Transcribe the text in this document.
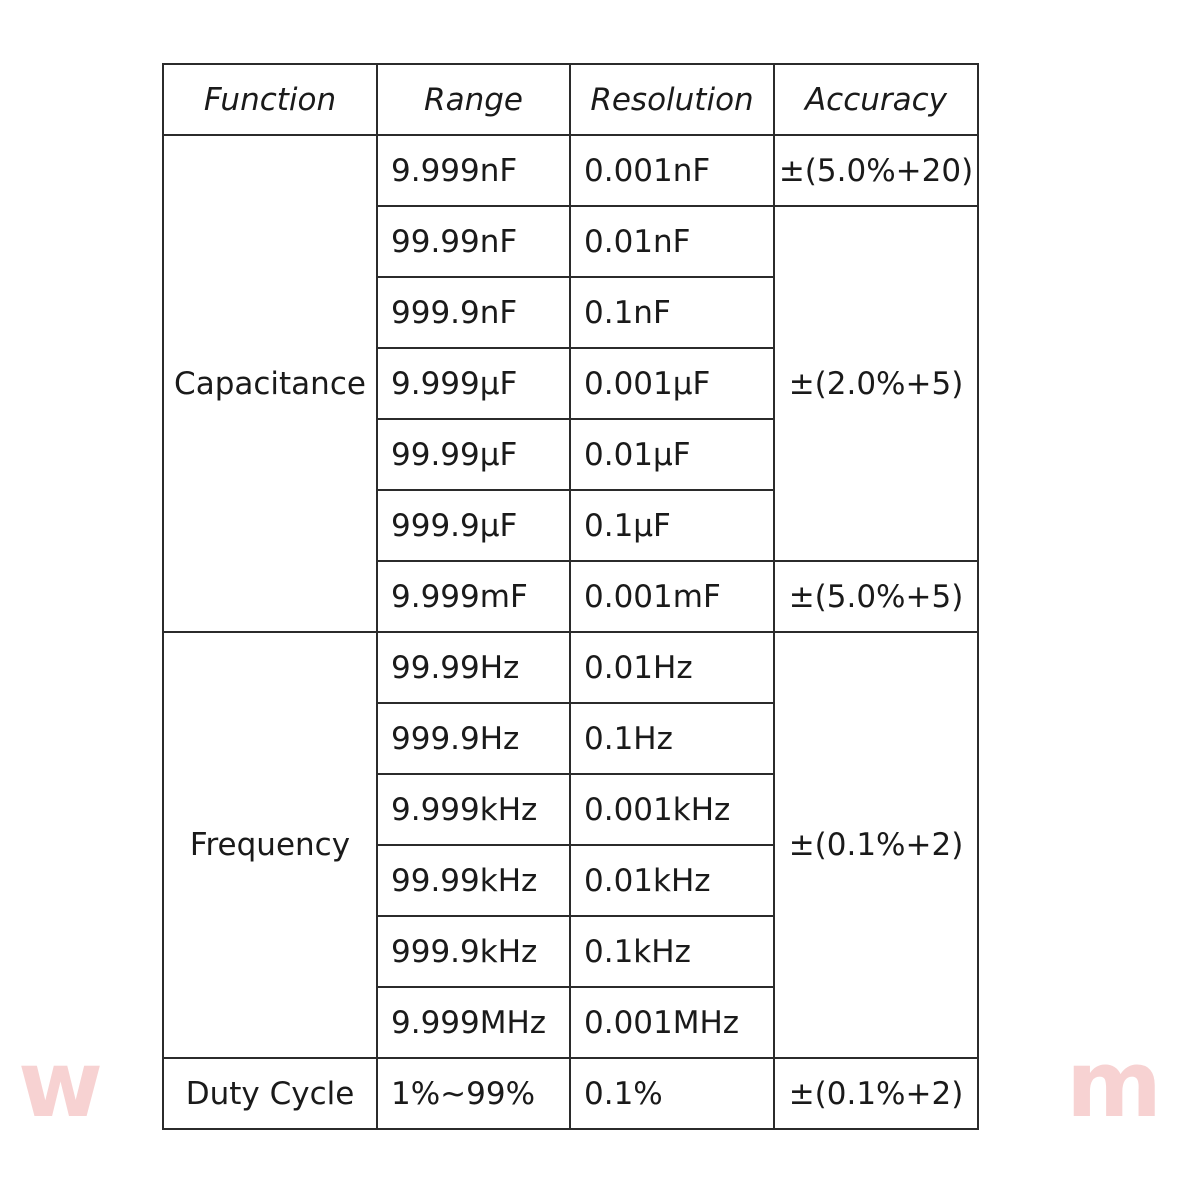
w	m
Function	Range	Resolution	Accuracy
Capacitance	9.999nF	0.001nF	±(5.0%+20)
	99.99nF	0.01nF	±(2.0%+5)
	999.9nF	0.1nF	
	9.999μF	0.001μF	
	99.99μF	0.01μF	
	999.9μF	0.1μF	
	9.999mF	0.001mF	±(5.0%+5)
Frequency	99.99Hz	0.01Hz	±(0.1%+2)
	999.9Hz	0.1Hz	
	9.999kHz	0.001kHz	
	99.99kHz	0.01kHz	
	999.9kHz	0.1kHz	
	9.999MHz	0.001MHz	
Duty Cycle	1%~99%	0.1%	±(0.1%+2)
